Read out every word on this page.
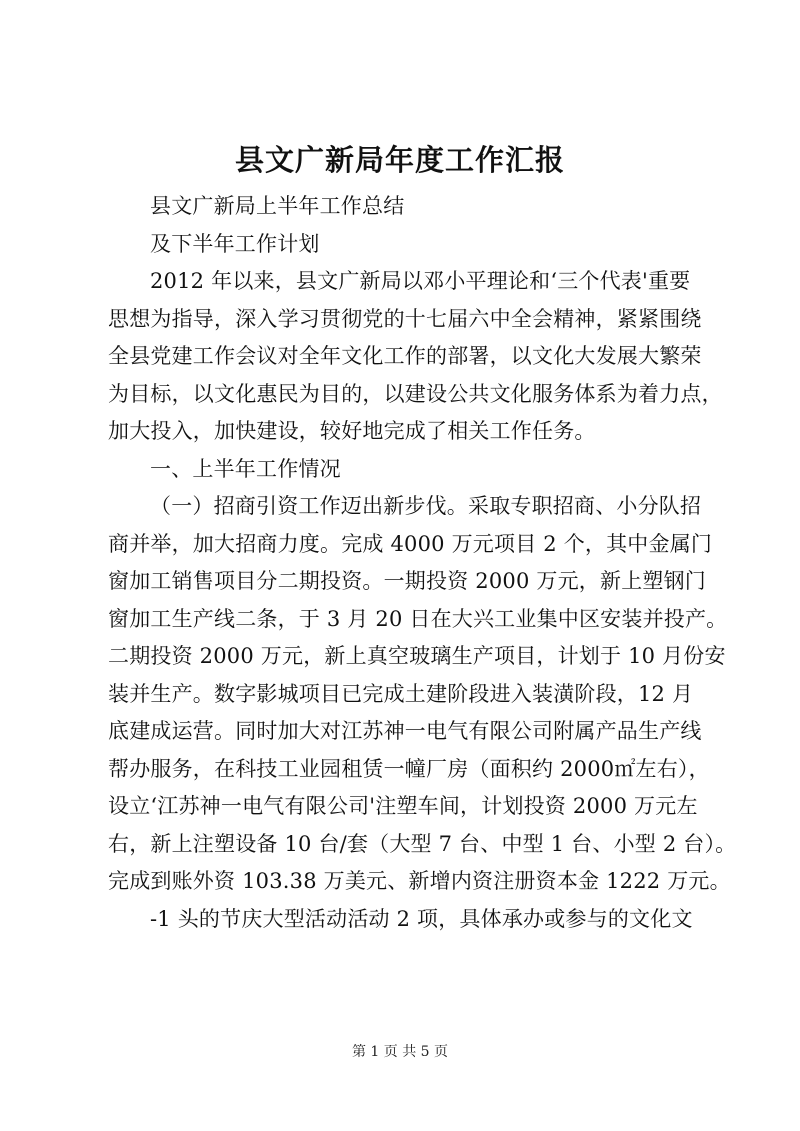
县文广新局年度工作汇报
县文广新局上半年工作总结
及下半年工作计划
2012 年以来，县文广新局以邓小平理论和‘三个代表'重要
思想为指导，深入学习贯彻党的十七届六中全会精神，紧紧围绕
全县党建工作会议对全年文化工作的部署，以文化大发展大繁荣
为目标，以文化惠民为目的，以建设公共文化服务体系为着力点，
加大投入，加快建设，较好地完成了相关工作任务。
一、上半年工作情况
（一）招商引资工作迈出新步伐。采取专职招商、小分队招
商并举，加大招商力度。完成 4000 万元项目 2 个，其中金属门
窗加工销售项目分二期投资。一期投资 2000 万元，新上塑钢门
窗加工生产线二条，于 3 月 20 日在大兴工业集中区安装并投产。
二期投资 2000 万元，新上真空玻璃生产项目，计划于 10 月份安
装并生产。数字影城项目已完成土建阶段进入装潢阶段，12 月
底建成运营。同时加大对江苏神一电气有限公司附属产品生产线
帮办服务，在科技工业园租赁一幢厂房（面积约 2000㎡左右），
设立‘江苏神一电气有限公司'注塑车间，计划投资 2000 万元左
右，新上注塑设备 10 台/套（大型 7 台、中型 1 台、小型 2 台）。
完成到账外资 103.38 万美元、新增内资注册资本金 1222 万元。
-1 头的节庆大型活动活动 2 项，具体承办或参与的文化文
第 1 页 共 5 页
